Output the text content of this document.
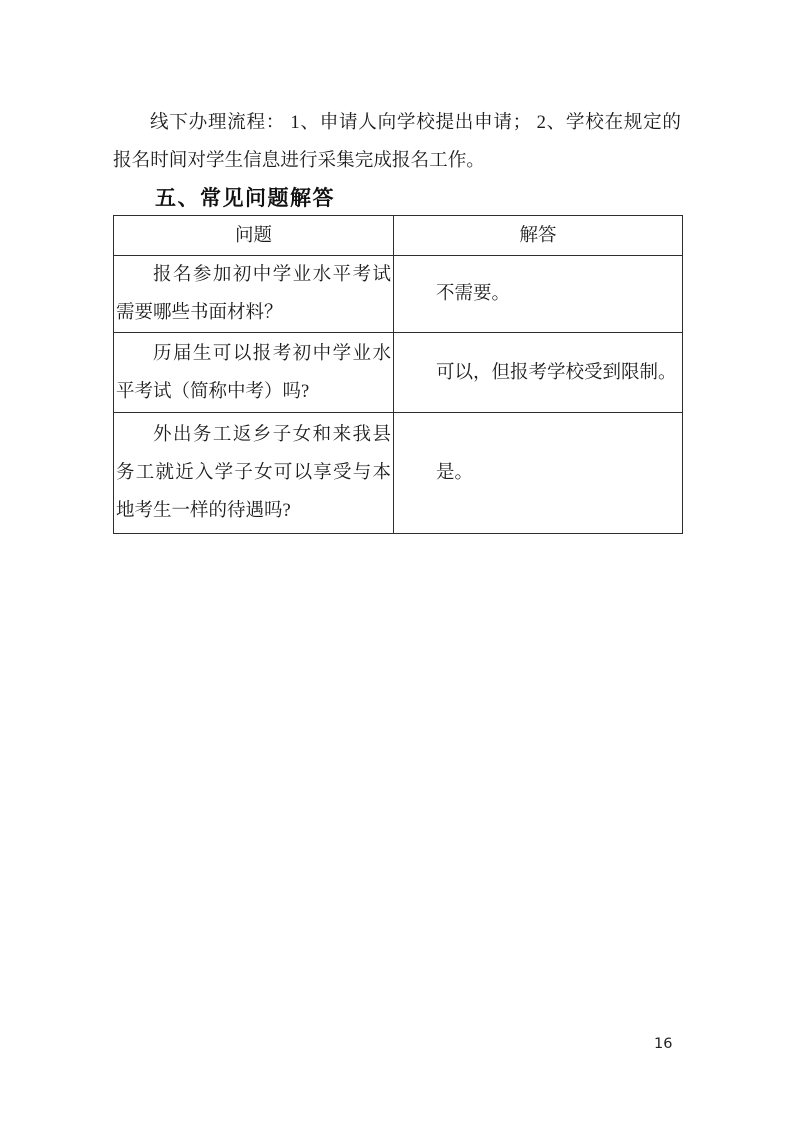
线下办理流程： 1、申请人向学校提出申请； 2、学校在规定的
报名时间对学生信息进行采集完成报名工作。
五、常见问题解答
问题	解答

报名参加初中学业水平考试需要哪些书面材料？	不需要。

历届生可以报考初中学业水平考试（简称中考）吗?	可以，但报考学校受到限制。

外出务工返乡子女和来我县务工就近入学子女可以享受与本地考生一样的待遇吗?	是。
16
